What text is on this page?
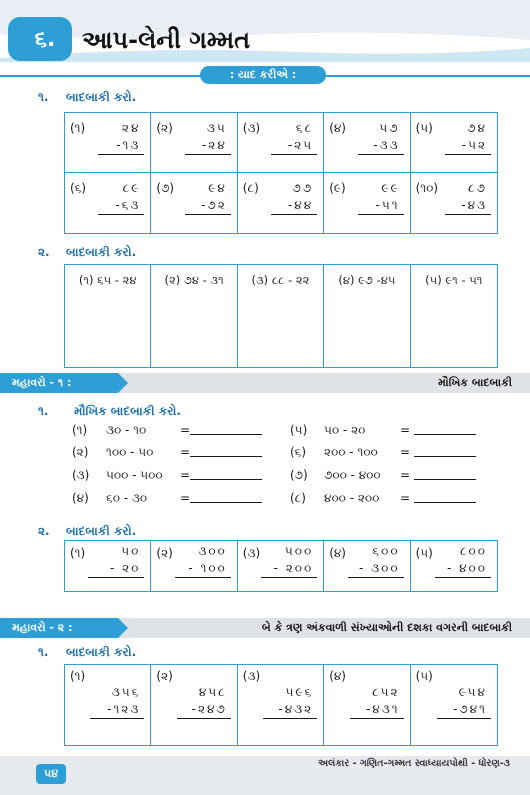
૬.	આપ-લેની ગમ્મત
: યાદ કરીએ :
૧. બાદબાકી કરો.
(૧)	૨૪
-૧૩
(૨)	૩૫
-૨૪
(૩)	૬૮
-૨૫
(૪)	૫૭
-૩૩
(૫)	૭૪
-૫૨
(૬)	૮૯
-૬૩
(૭)	૯૪
-૭૨
(૮)	૭૭
-૪૪
(૯)	૯૯
-૫૧
(૧૦) ૮૭
-૪૩
૨. બાદબાકી કરો.
(૧) ૬૫ - ૨૪	(૨) ૭૪ - ૩૧	(૩) ૮૮ - ૨૨	(૪) ૯૭ -૪૫	(૫) ૯૧ - ૫૧
મહાવરો - ૧ :	મૌખિક બાદબાકી
૧. મૌખિક બાદબાકી કરો.
(૧) ૩૦ - ૧૦	=
(૨) ૧૦૦ - ૫૦ =
(૩) ૫૦૦ - ૫૦૦ =
(૪) ૬૦ - ૩૦	=
(૫) ૫૦ - ૨૦	=
(૬) ૨૦૦ - ૧૦૦ =
(૭) ૭૦૦ - ૪૦૦ =
(૮) ૪૦૦ - ૨૦૦ =
૨. બાદબાકી કરો.
(૧)	૫૦
- ૨૦
(૨) ૩૦૦
- ૧૦૦
(૩) ૫૦૦
- ૨૦૦
(૪) ૬૦૦
- ૩૦૦
(૫) ૮૦૦
- ૪૦૦
મહાવરો - ૨ :	બે કે ત્રણ અંકવાળી સંખ્યાઓની દશકા વગરની બાદબાકી
૧. બાદબાકી કરો.
(૧)
૩૫૬
-૧૨૩
(૨)
૪૫૮
-૨૪૭
(૩)
૫૯૬
-૪૩૨
(૪)
૮૫૨
-૪૩૧
(૫)
૯૫૪
-૭૪૧
અલંકાર - ગણિત-ગમ્મત સ્વાધ્યાયપોથી - ધોરણ-૩
૫૪
